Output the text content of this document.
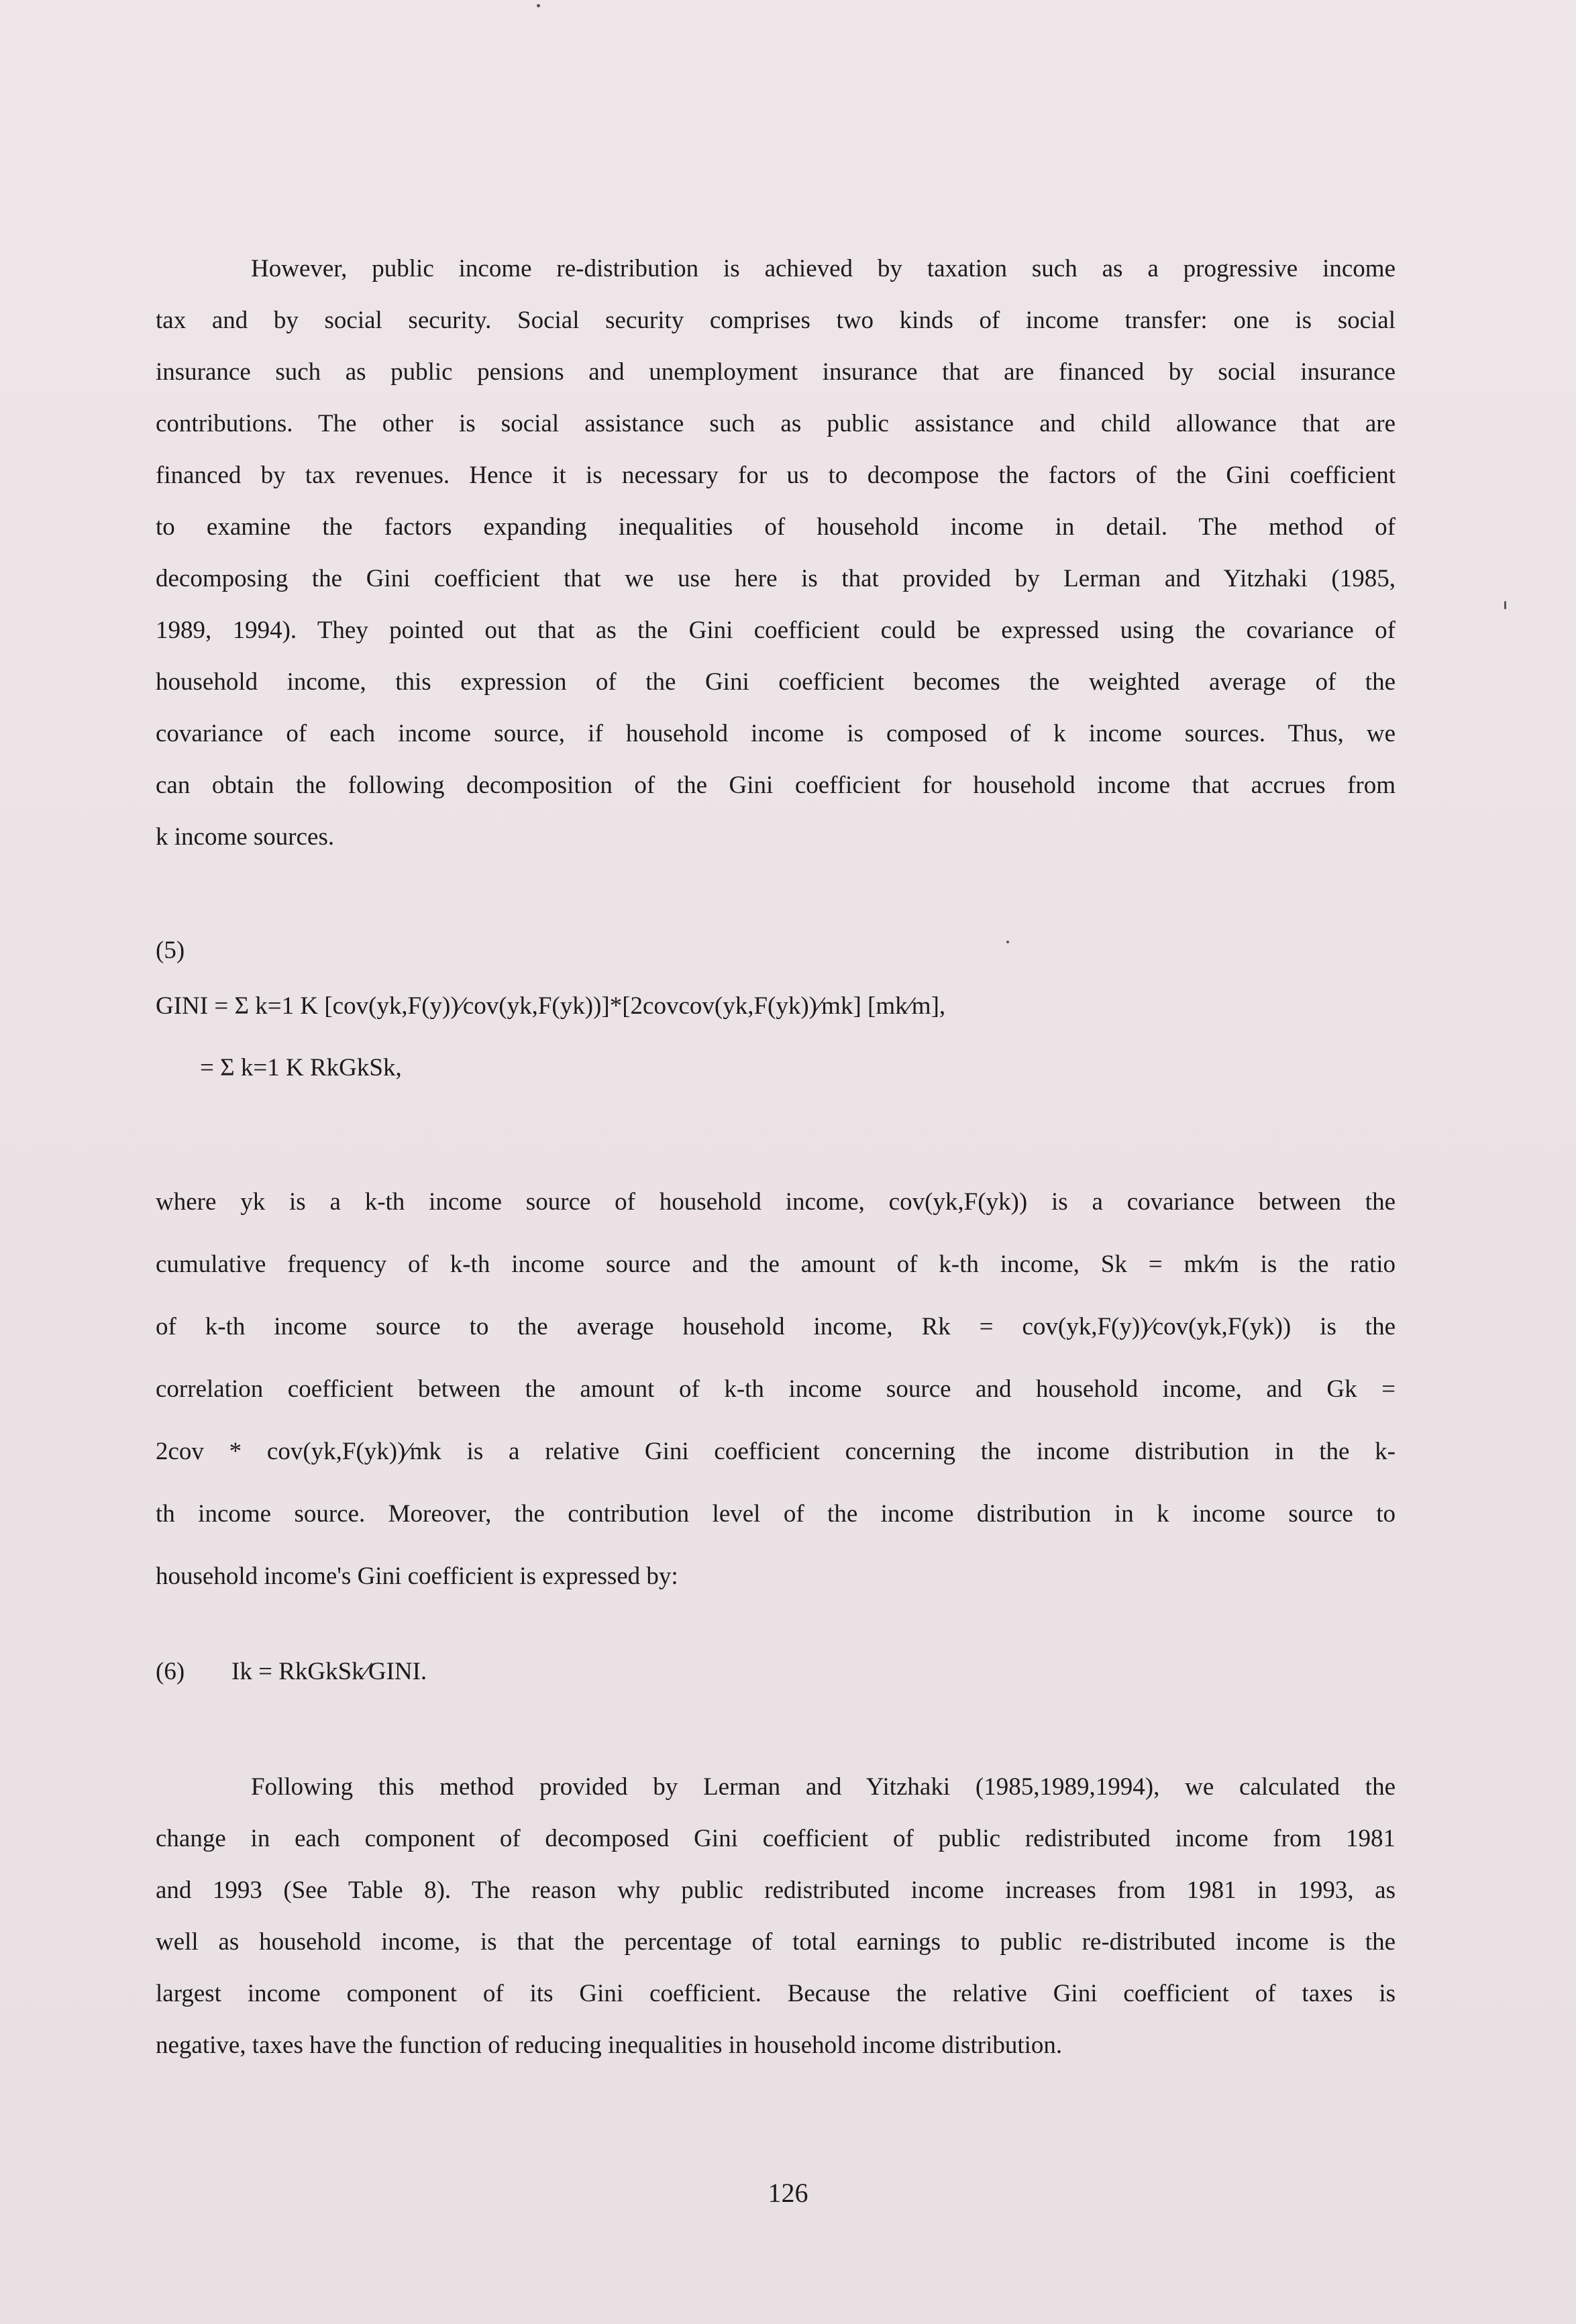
However, public income re-distribution is achieved by taxation such as a progressive income
tax and by social security. Social security comprises two kinds of income transfer: one is social
insurance such as public pensions and unemployment insurance that are financed by social insurance
contributions. The other is social assistance such as public assistance and child allowance that are
financed by tax revenues. Hence it is necessary for us to decompose the factors of the Gini coefficient
to examine the factors expanding inequalities of household income in detail. The method of
decomposing the Gini coefficient that we use here is that provided by Lerman and Yitzhaki (1985,
1989, 1994). They pointed out that as the Gini coefficient could be expressed using the covariance of
household income, this expression of the Gini coefficient becomes the weighted average of the
covariance of each income source, if household income is composed of k income sources. Thus, we
can obtain the following decomposition of the Gini coefficient for household income that accrues from
k income sources.
(5)
GINI = Σ k=1 K [cov(yk,F(y))∕cov(yk,F(yk))]*[2covcov(yk,F(yk))∕mk] [mk∕m],
= Σ k=1 K RkGkSk,
where yk is a k-th income source of household income, cov(yk,F(yk)) is a covariance between the
cumulative frequency of k-th income source and the amount of k-th income, Sk = mk∕m is the ratio
of k-th income source to the average household income, Rk = cov(yk,F(y))∕cov(yk,F(yk)) is the
correlation coefficient between the amount of k-th income source and household income, and Gk =
2cov * cov(yk,F(yk))∕mk is a relative Gini coefficient concerning the income distribution in the k-
th income source. Moreover, the contribution level of the income distribution in k income source to
household income's Gini coefficient is expressed by:
(6) Ik = RkGkSk∕GINI.
Following this method provided by Lerman and Yitzhaki (1985,1989,1994), we calculated the
change in each component of decomposed Gini coefficient of public redistributed income from 1981
and 1993 (See Table 8). The reason why public redistributed income increases from 1981 in 1993, as
well as household income, is that the percentage of total earnings to public re-distributed income is the
largest income component of its Gini coefficient. Because the relative Gini coefficient of taxes is
negative, taxes have the function of reducing inequalities in household income distribution.
126
